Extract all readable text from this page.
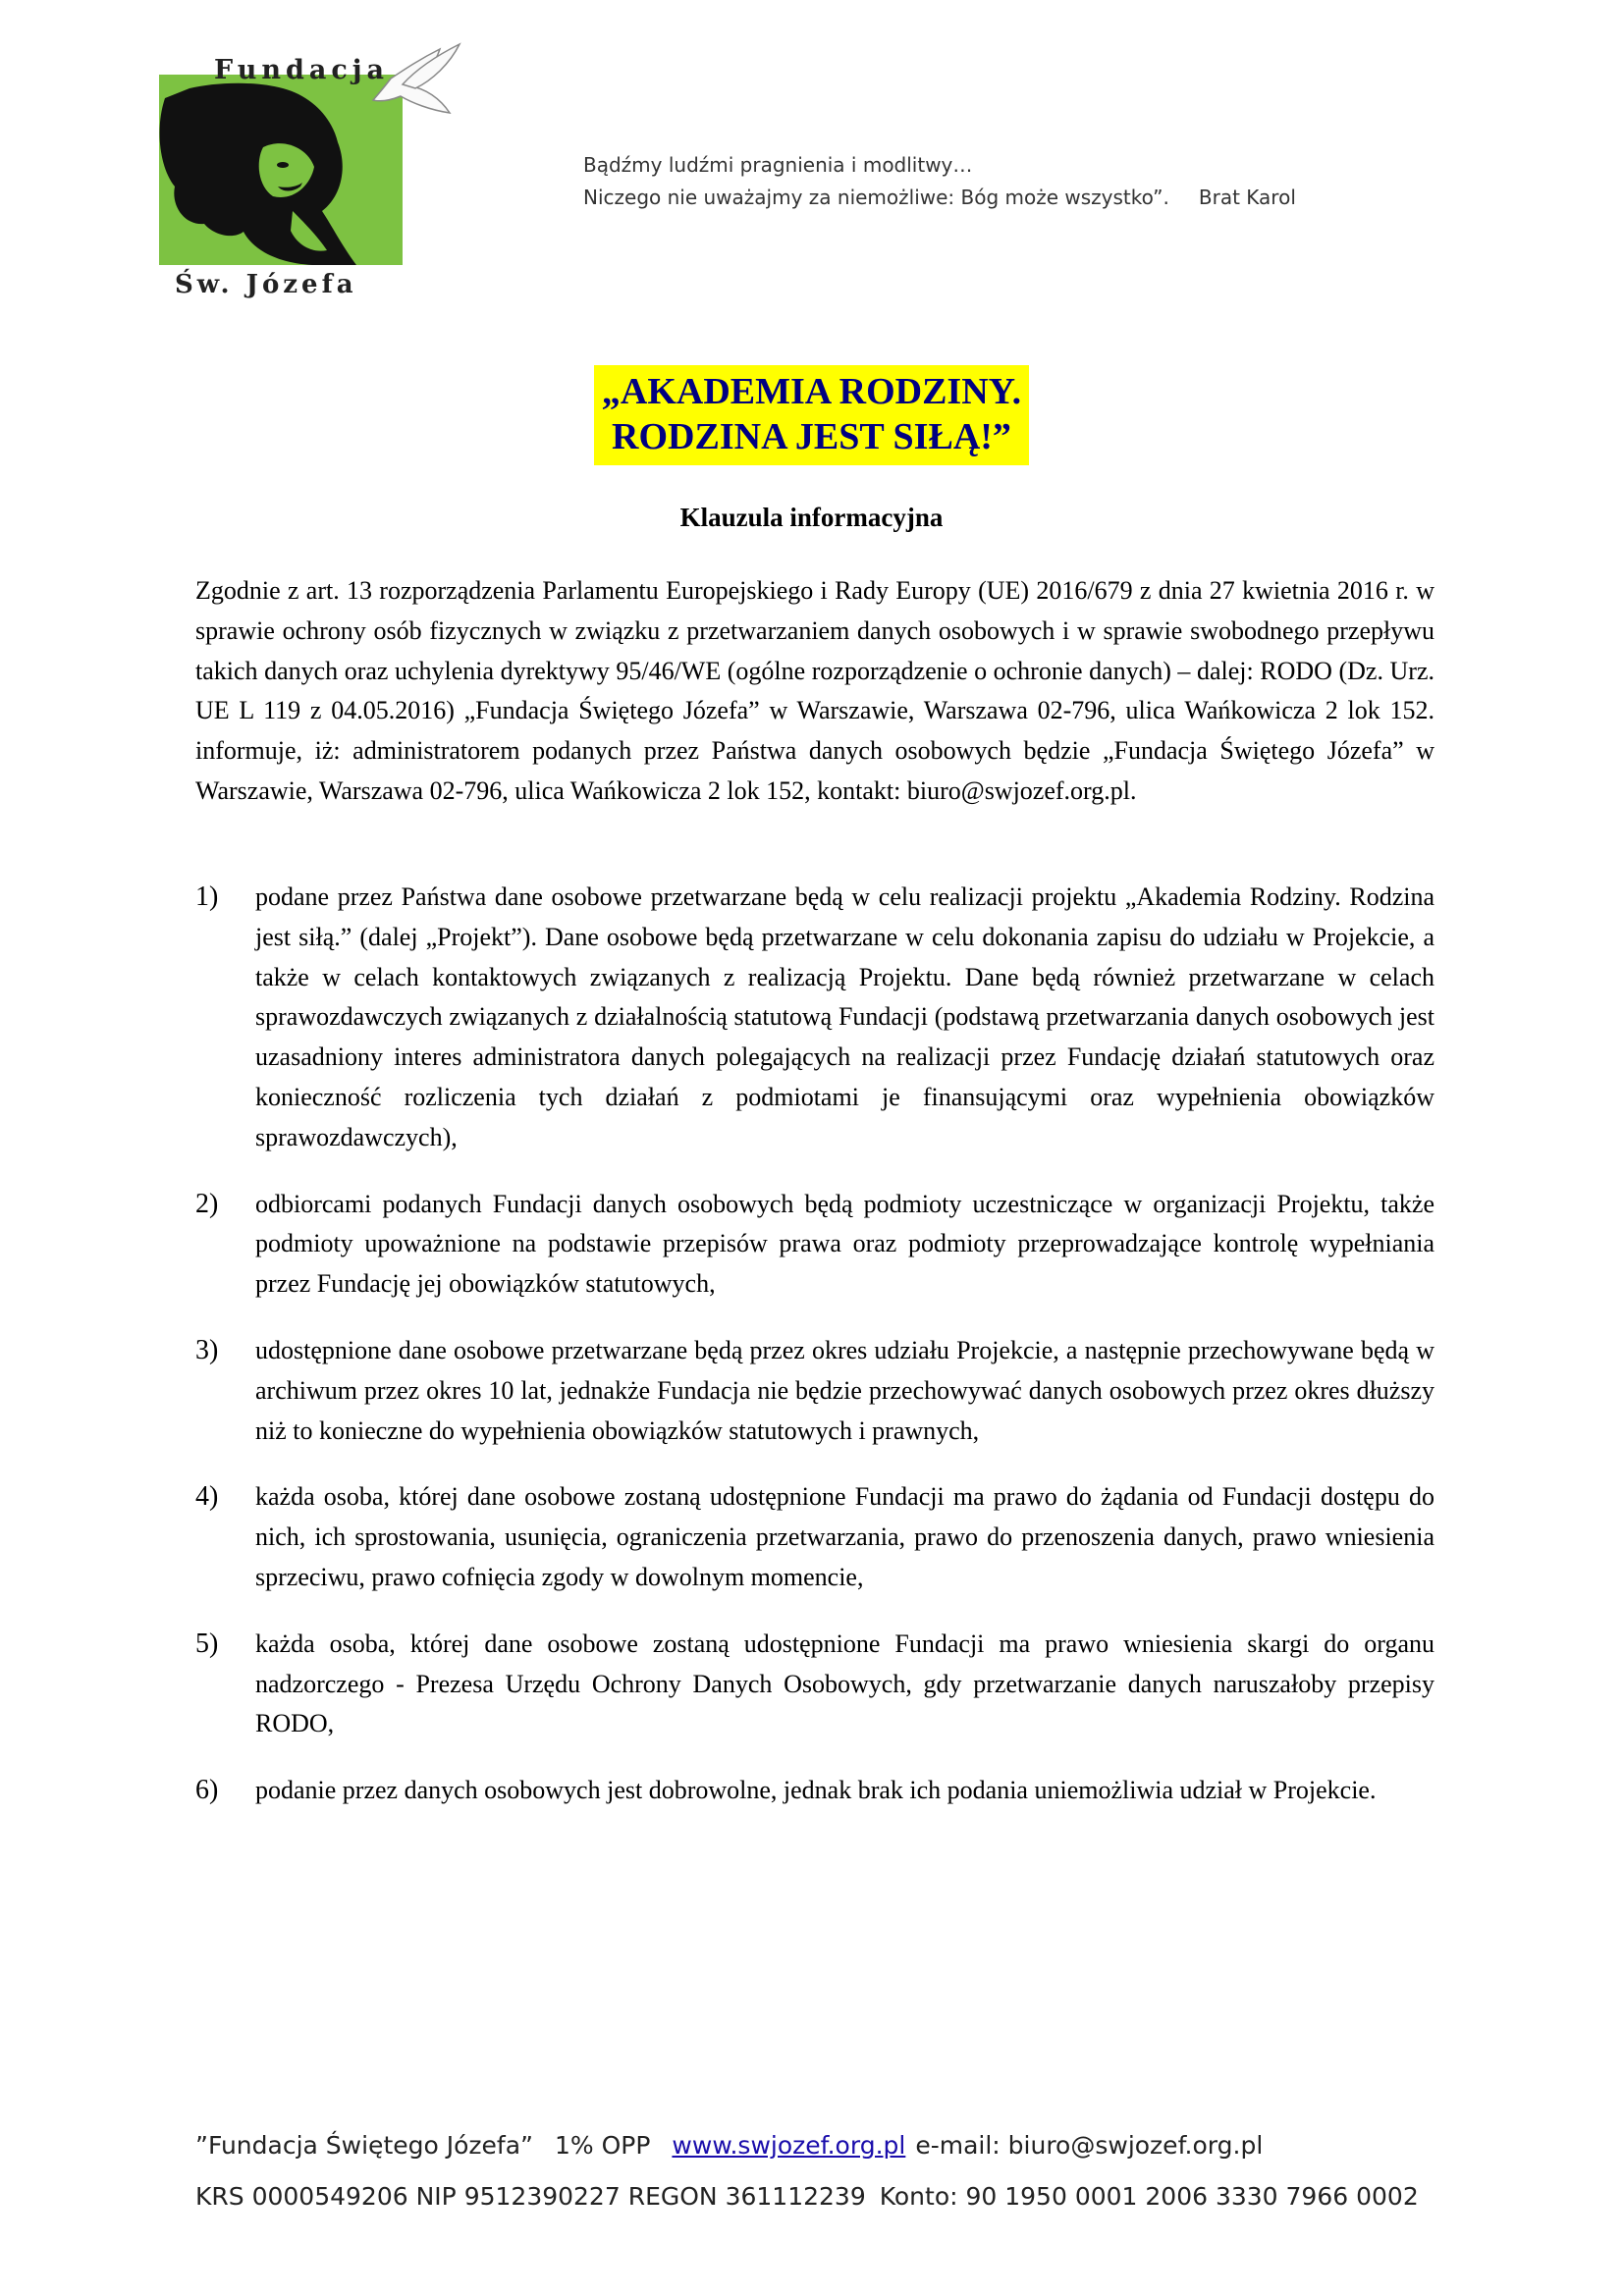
Fundacja
Św. Józefa
Bądźmy ludźmi pragnienia i modlitwy…
Niczego nie uważajmy za niemożliwe: Bóg może wszystko”. Brat Karol
„AKADEMIA RODZINY.
RODZINA JEST SIŁĄ!”
Klauzula informacyjna
Zgodnie z art. 13 rozporządzenia Parlamentu Europejskiego i Rady Europy (UE) 2016/679 z dnia 27 kwietnia 2016 r. w sprawie ochrony osób fizycznych w związku z przetwarzaniem danych osobowych i w sprawie swobodnego przepływu takich danych oraz uchylenia dyrektywy 95/46/WE (ogólne rozporządzenie o ochronie danych) – dalej: RODO (Dz. Urz. UE L 119 z 04.05.2016) „Fundacja Świętego Józefa” w Warszawie, Warszawa 02-796, ulica Wańkowicza 2 lok 152. informuje, iż: administratorem podanych przez Państwa danych osobowych będzie „Fundacja Świętego Józefa” w Warszawie, Warszawa 02-796, ulica Wańkowicza 2 lok 152, kontakt: biuro@swjozef.org.pl.
1) podane przez Państwa dane osobowe przetwarzane będą w celu realizacji projektu „Akademia Rodziny. Rodzina jest siłą.” (dalej „Projekt”). Dane osobowe będą przetwarzane w celu dokonania zapisu do udziału w Projekcie, a także w celach kontaktowych związanych z realizacją Projektu. Dane będą również przetwarzane w celach sprawozdawczych związanych z działalnością statutową Fundacji (podstawą przetwarzania danych osobowych jest uzasadniony interes administratora danych polegających na realizacji przez Fundację działań statutowych oraz konieczność rozliczenia tych działań z podmiotami je finansującymi oraz wypełnienia obowiązków sprawozdawczych),
2) odbiorcami podanych Fundacji danych osobowych będą podmioty uczestniczące w organizacji Projektu, także podmioty upoważnione na podstawie przepisów prawa oraz podmioty przeprowadzające kontrolę wypełniania przez Fundację jej obowiązków statutowych,
3) udostępnione dane osobowe przetwarzane będą przez okres udziału Projekcie, a następnie przechowywane będą w archiwum przez okres 10 lat, jednakże Fundacja nie będzie przechowywać danych osobowych przez okres dłuższy niż to konieczne do wypełnienia obowiązków statutowych i prawnych,
4) każda osoba, której dane osobowe zostaną udostępnione Fundacji ma prawo do żądania od Fundacji dostępu do nich, ich sprostowania, usunięcia, ograniczenia przetwarzania, prawo do przenoszenia danych, prawo wniesienia sprzeciwu, prawo cofnięcia zgody w dowolnym momencie,
5) każda osoba, której dane osobowe zostaną udostępnione Fundacji ma prawo wniesienia skargi do organu nadzorczego - Prezesa Urzędu Ochrony Danych Osobowych, gdy przetwarzanie danych naruszałoby przepisy RODO,
6) podanie przez danych osobowych jest dobrowolne, jednak brak ich podania uniemożliwia udział w Projekcie.
”Fundacja Świętego Józefa” 1% OPP www.swjozef.org.pl e-mail: biuro@swjozef.org.pl
KRS 0000549206 NIP 9512390227 REGON 361112239 Konto: 90 1950 0001 2006 3330 7966 0002
